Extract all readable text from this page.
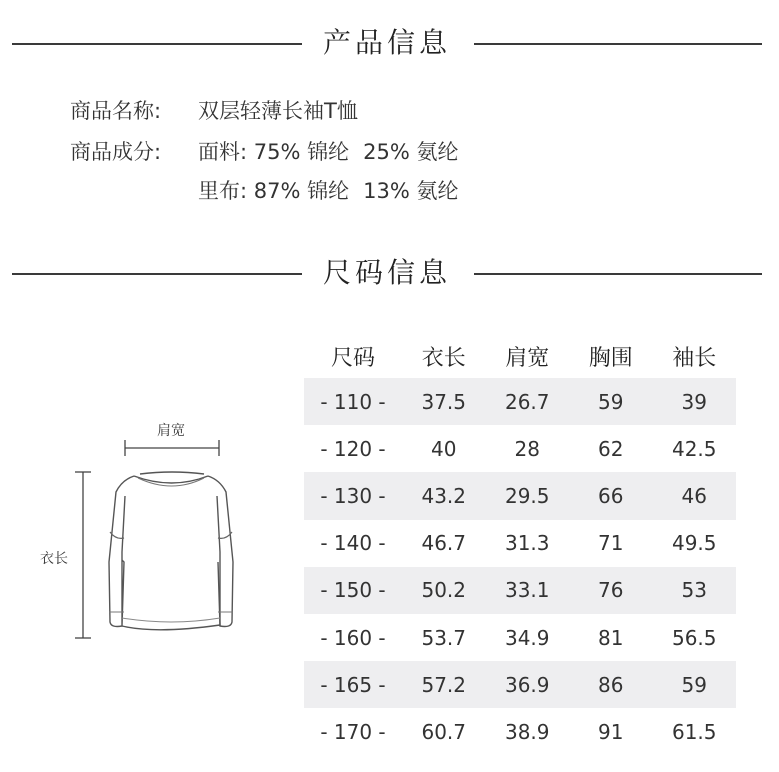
产品信息
商品名称: 双层轻薄长袖T恤
商品成分: 面料: 75% 锦纶 25% 氨纶
里布: 87% 锦纶 13% 氨纶
尺码信息
肩宽
衣长
尺码	衣长	肩宽	胸围	袖长
- 110 -	37.5	26.7	59	39
- 120 -	40	28	62	42.5
- 130 -	43.2	29.5	66	46
- 140 -	46.7	31.3	71	49.5
- 150 -	50.2	33.1	76	53
- 160 -	53.7	34.9	81	56.5
- 165 -	57.2	36.9	86	59
- 170 -	60.7	38.9	91	61.5
